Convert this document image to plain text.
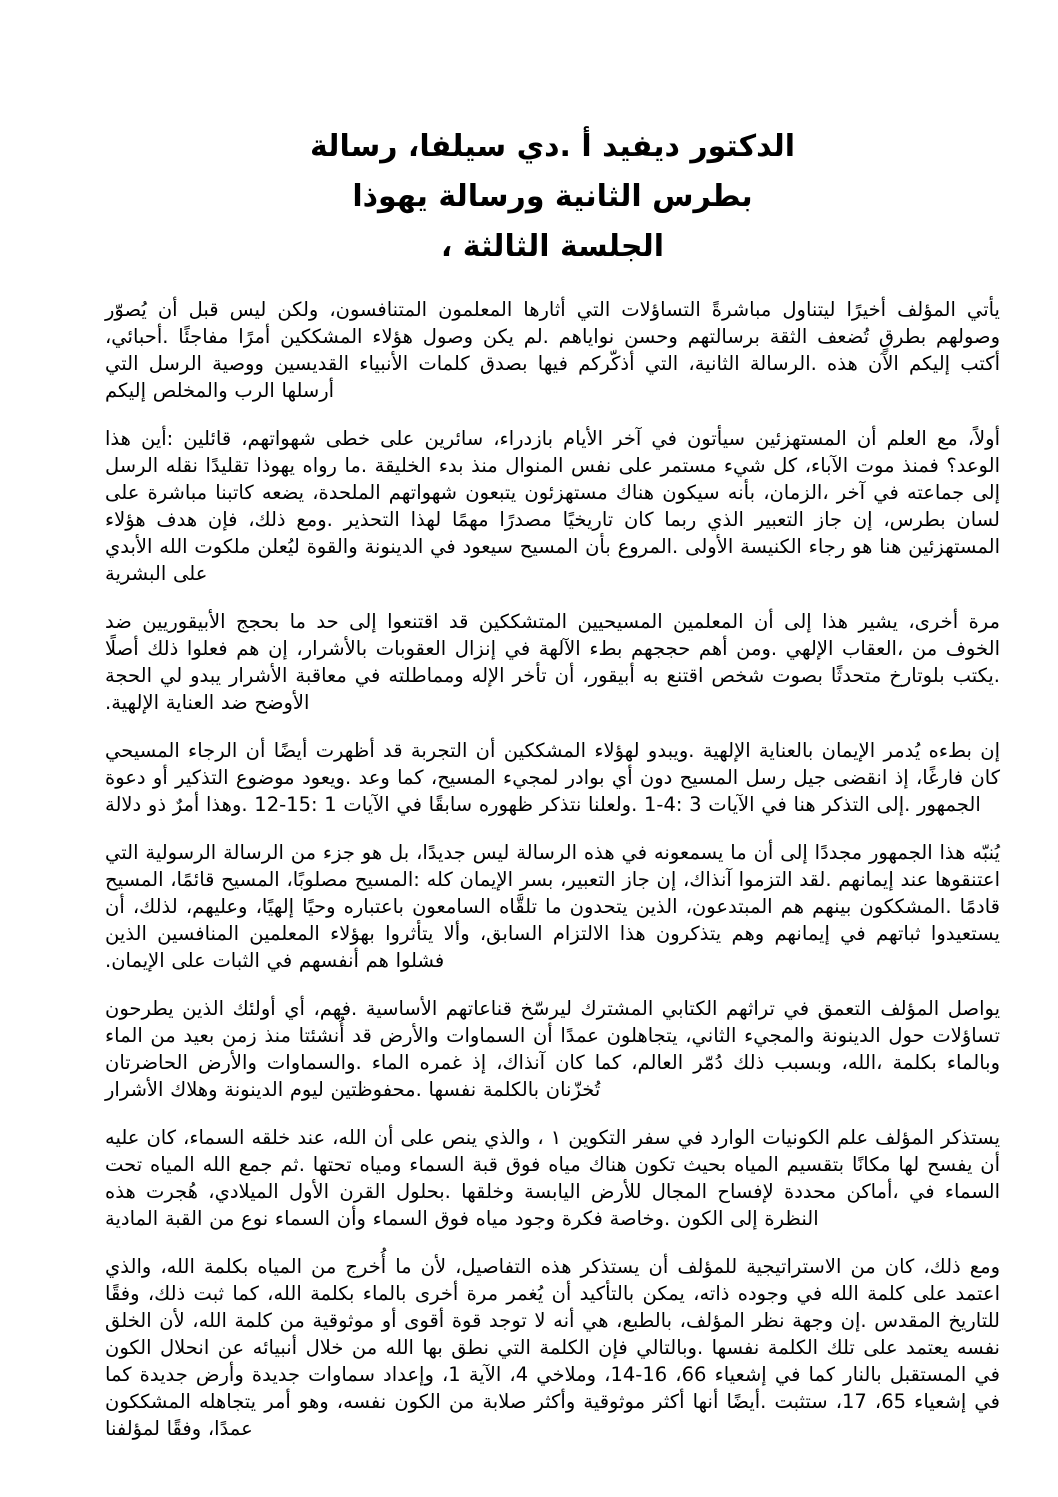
الدكتور ديفيد أ .دي سيلفا، رسالة
بطرس الثانية ورسالة يهوذا
الجلسة الثالثة ،

يأتي المؤلف أخيرًا ليتناول مباشرةً التساؤلات التي أثارها المعلمون المتنافسون، ولكن ليس قبل أن يُصوّر وصولهم بطرقٍ تُضعف الثقة برسالتهم وحسن نواياهم .لم يكن وصول هؤلاء المشككين أمرًا مفاجئًا .أحبائي، أكتب إليكم الآن هذه .الرسالة الثانية، التي أذكّركم فيها بصدق كلمات الأنبياء القديسين ووصية الرسل التي أرسلها الرب والمخلص إليكم

أولاً، مع العلم أن المستهزئين سيأتون في آخر الأيام بازدراء، سائرين على خطى شهواتهم، قائلين :أين هذا الوعد؟ فمنذ موت الآباء، كل شيء مستمر على نفس المنوال منذ بدء الخليقة .ما رواه يهوذا تقليدًا نقله الرسل إلى جماعته في آخر ،الزمان، بأنه سيكون هناك مستهزئون يتبعون شهواتهم الملحدة، يضعه كاتبنا مباشرة على لسان بطرس، إن جاز التعبير الذي ربما كان تاريخيًا مصدرًا مهمًا لهذا التحذير .ومع ذلك، فإن هدف هؤلاء المستهزئين هنا هو رجاء الكنيسة الأولى .المروع بأن المسيح سيعود في الدينونة والقوة ليُعلن ملكوت الله الأبدي على البشرية

مرة أخرى، يشير هذا إلى أن المعلمين المسيحيين المتشككين قد اقتنعوا إلى حد ما بحجج الأبيقوريين ضد الخوف من ،العقاب الإلهي .ومن أهم حججهم بطء الآلهة في إنزال العقوبات بالأشرار، إن هم فعلوا ذلك أصلًا .يكتب بلوتارخ متحدثًا بصوت شخص اقتنع به أبيقور، أن تأخر الإله ومماطلته في معاقبة الأشرار يبدو لي الحجة الأوضح ضد العناية الإلهية.

إن بطءه يُدمر الإيمان بالعناية الإلهية .ويبدو لهؤلاء المشككين أن التجربة قد أظهرت أيضًا أن الرجاء المسيحي كان فارغًا، إذ انقضى جيل رسل المسيح دون أي بوادر لمجيء المسيح، كما وعد .ويعود موضوع التذكير أو دعوة الجمهور .إلى التذكر هنا في الآيات 3 :4-1 .ولعلنا نتذكر ظهوره سابقًا في الآيات 1 :15-12 .وهذا أمرٌ ذو دلالة

يُنبّه هذا الجمهور مجددًا إلى أن ما يسمعونه في هذه الرسالة ليس جديدًا، بل هو جزء من الرسالة الرسولية التي اعتنقوها عند إيمانهم .لقد التزموا آنذاك، إن جاز التعبير، بسر الإيمان كله :المسيح مصلوبًا، المسيح قائمًا، المسيح قادمًا .المشككون بينهم هم المبتدعون، الذين يتحدون ما تلقَّاه السامعون باعتباره وحيًا إلهيًا، وعليهم، لذلك، أن يستعيدوا ثباتهم في إيمانهم وهم يتذكرون هذا الالتزام السابق، وألا يتأثروا بهؤلاء المعلمين المنافسين الذين فشلوا هم أنفسهم في الثبات على الإيمان.

يواصل المؤلف التعمق في تراثهم الكتابي المشترك ليرسّخ قناعاتهم الأساسية .فهم، أي أولئك الذين يطرحون تساؤلات حول الدينونة والمجيء الثاني، يتجاهلون عمدًا أن السماوات والأرض قد أُنشئتا منذ زمن بعيد من الماء وبالماء بكلمة ،الله، وبسبب ذلك دُمّر العالم، كما كان آنذاك، إذ غمره الماء .والسماوات والأرض الحاضرتان تُخزّنان بالكلمة نفسها .محفوظتين ليوم الدينونة وهلاك الأشرار

يستذكر المؤلف علم الكونيات الوارد في سفر التكوين ١ ، والذي ينص على أن الله، عند خلقه السماء، كان عليه أن يفسح لها مكانًا بتقسيم المياه بحيث تكون هناك مياه فوق قبة السماء ومياه تحتها .ثم جمع الله المياه تحت السماء في ،أماكن محددة لإفساح المجال للأرض اليابسة وخلقها .بحلول القرن الأول الميلادي، هُجرت هذه النظرة إلى الكون .وخاصة فكرة وجود مياه فوق السماء وأن السماء نوع من القبة المادية

ومع ذلك، كان من الاستراتيجية للمؤلف أن يستذكر هذه التفاصيل، لأن ما أُخرج من المياه بكلمة الله، والذي اعتمد على كلمة الله في وجوده ذاته، يمكن بالتأكيد أن يُغمر مرة أخرى بالماء بكلمة الله، كما ثبت ذلك، وفقًا للتاريخ المقدس .إن وجهة نظر المؤلف، بالطبع، هي أنه لا توجد قوة أقوى أو موثوقية من كلمة الله، لأن الخلق نفسه يعتمد على تلك الكلمة نفسها .وبالتالي فإن الكلمة التي نطق بها الله من خلال أنبيائه عن انحلال الكون في المستقبل بالنار كما في إشعياء 66، 16-14، وملاخي 4، الآية 1، وإعداد سماوات جديدة وأرض جديدة كما في إشعياء 65، 17، ستثبت .أيضًا أنها أكثر موثوقية وأكثر صلابة من الكون نفسه، وهو أمر يتجاهله المشككون عمدًا، وفقًا لمؤلفنا
